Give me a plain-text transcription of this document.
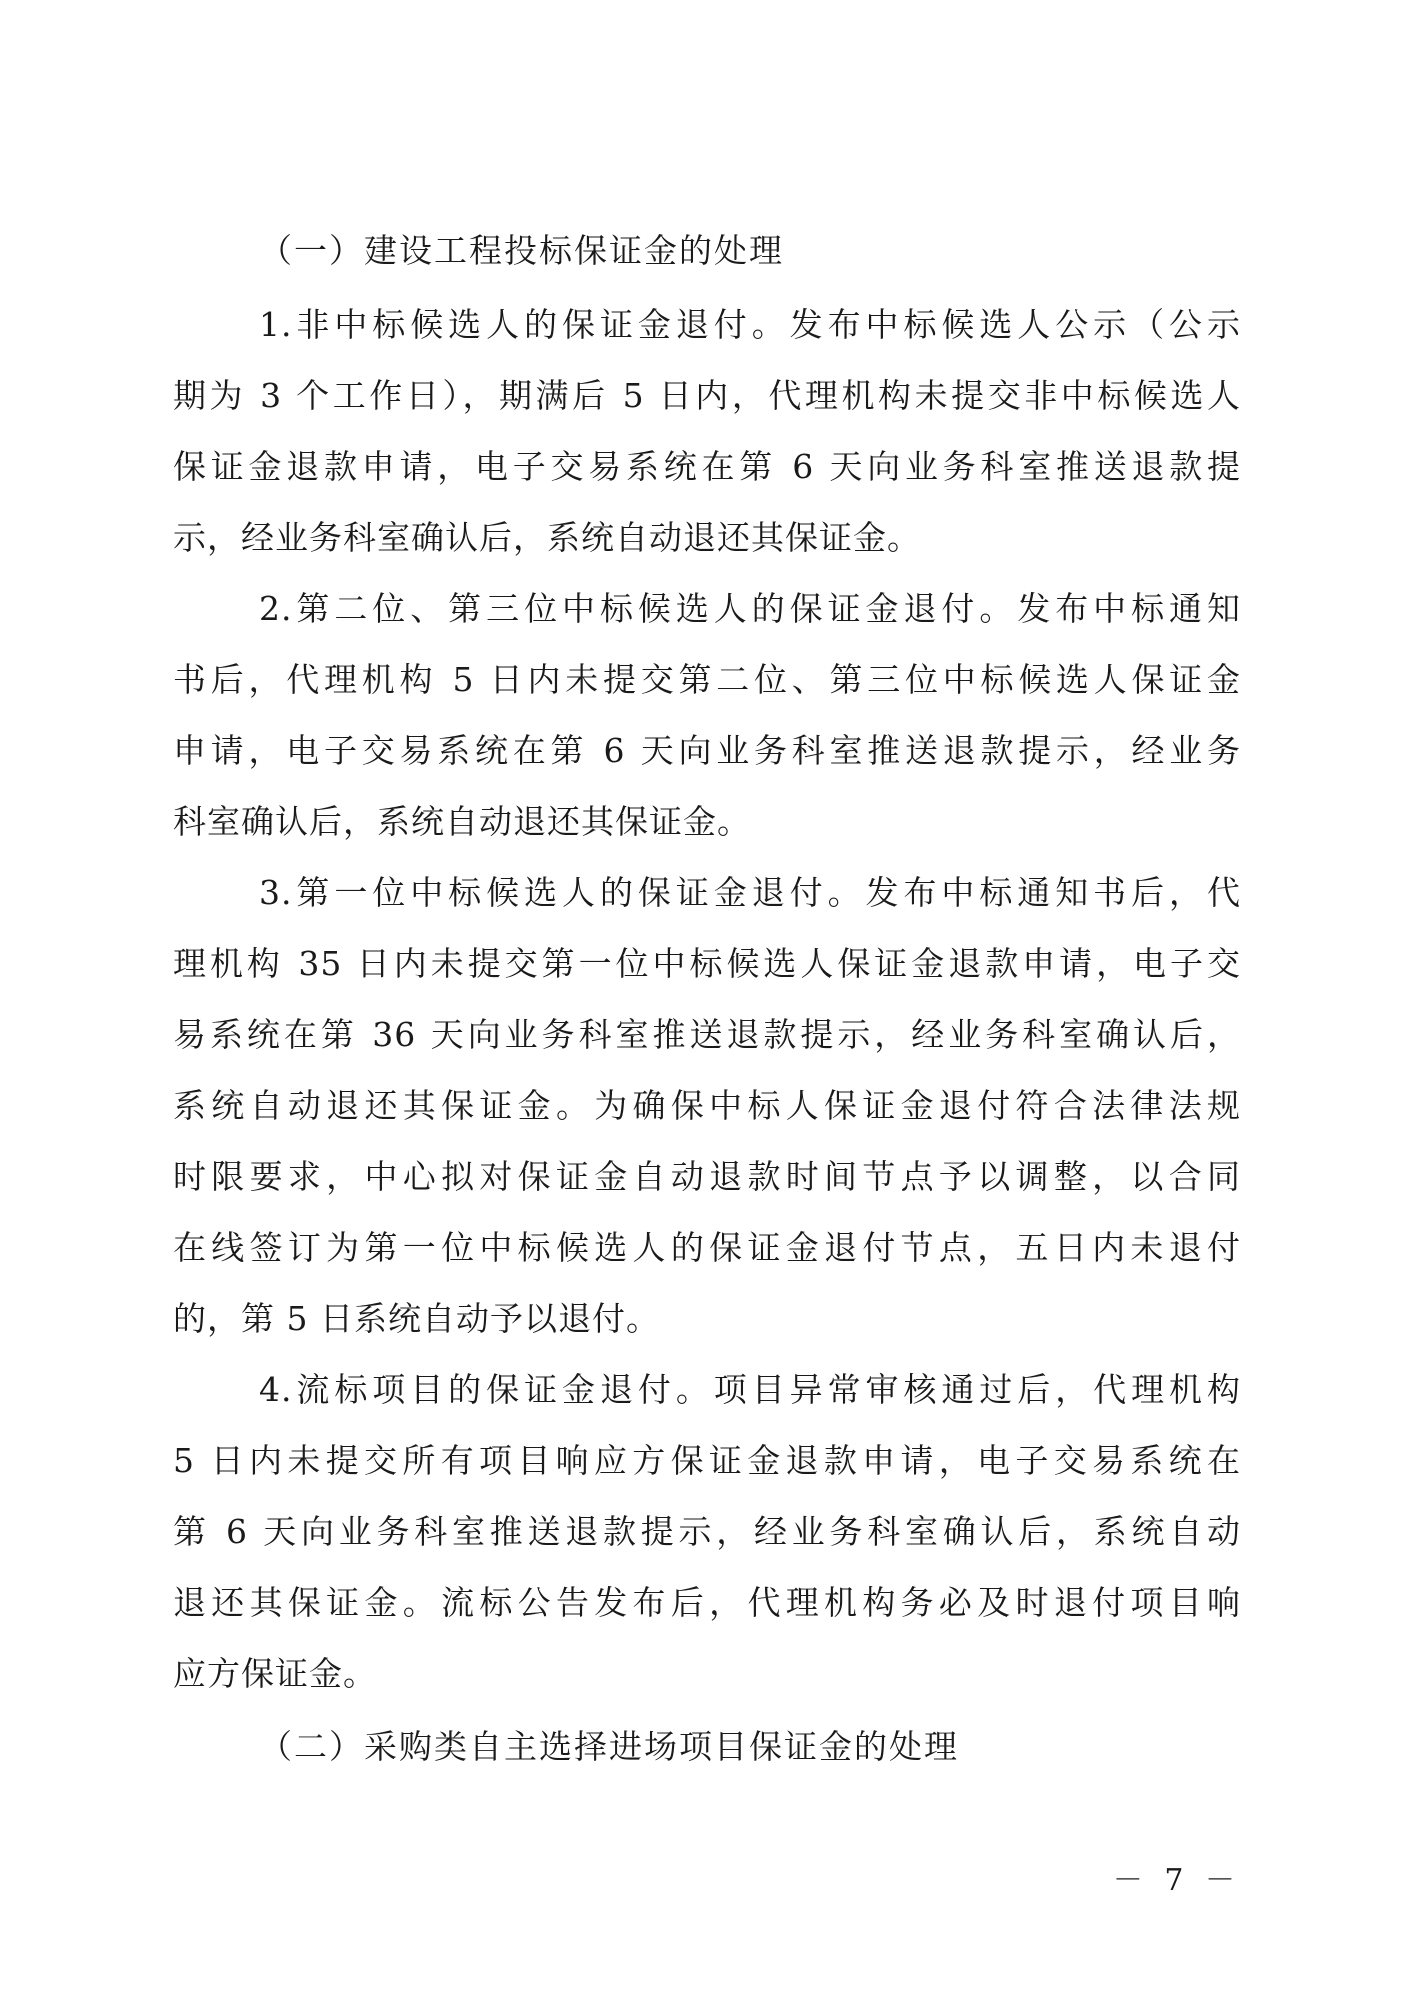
（一）建设工程投标保证金的处理

1.非中标候选人的保证金退付。发布中标候选人公示（公示
期为 3 个工作日），期满后 5 日内，代理机构未提交非中标候选人
保证金退款申请，电子交易系统在第 6 天向业务科室推送退款提
示，经业务科室确认后，系统自动退还其保证金。

2.第二位、第三位中标候选人的保证金退付。发布中标通知
书后，代理机构 5 日内未提交第二位、第三位中标候选人保证金
申请，电子交易系统在第 6 天向业务科室推送退款提示，经业务
科室确认后，系统自动退还其保证金。

3.第一位中标候选人的保证金退付。发布中标通知书后，代
理机构 35 日内未提交第一位中标候选人保证金退款申请，电子交
易系统在第 36 天向业务科室推送退款提示，经业务科室确认后，
系统自动退还其保证金。为确保中标人保证金退付符合法律法规
时限要求，中心拟对保证金自动退款时间节点予以调整，以合同
在线签订为第一位中标候选人的保证金退付节点，五日内未退付
的，第 5 日系统自动予以退付。

4.流标项目的保证金退付。项目异常审核通过后，代理机构
5 日内未提交所有项目响应方保证金退款申请，电子交易系统在
第 6 天向业务科室推送退款提示，经业务科室确认后，系统自动
退还其保证金。流标公告发布后，代理机构务必及时退付项目响
应方保证金。

（二）采购类自主选择进场项目保证金的处理
－ 7 －
